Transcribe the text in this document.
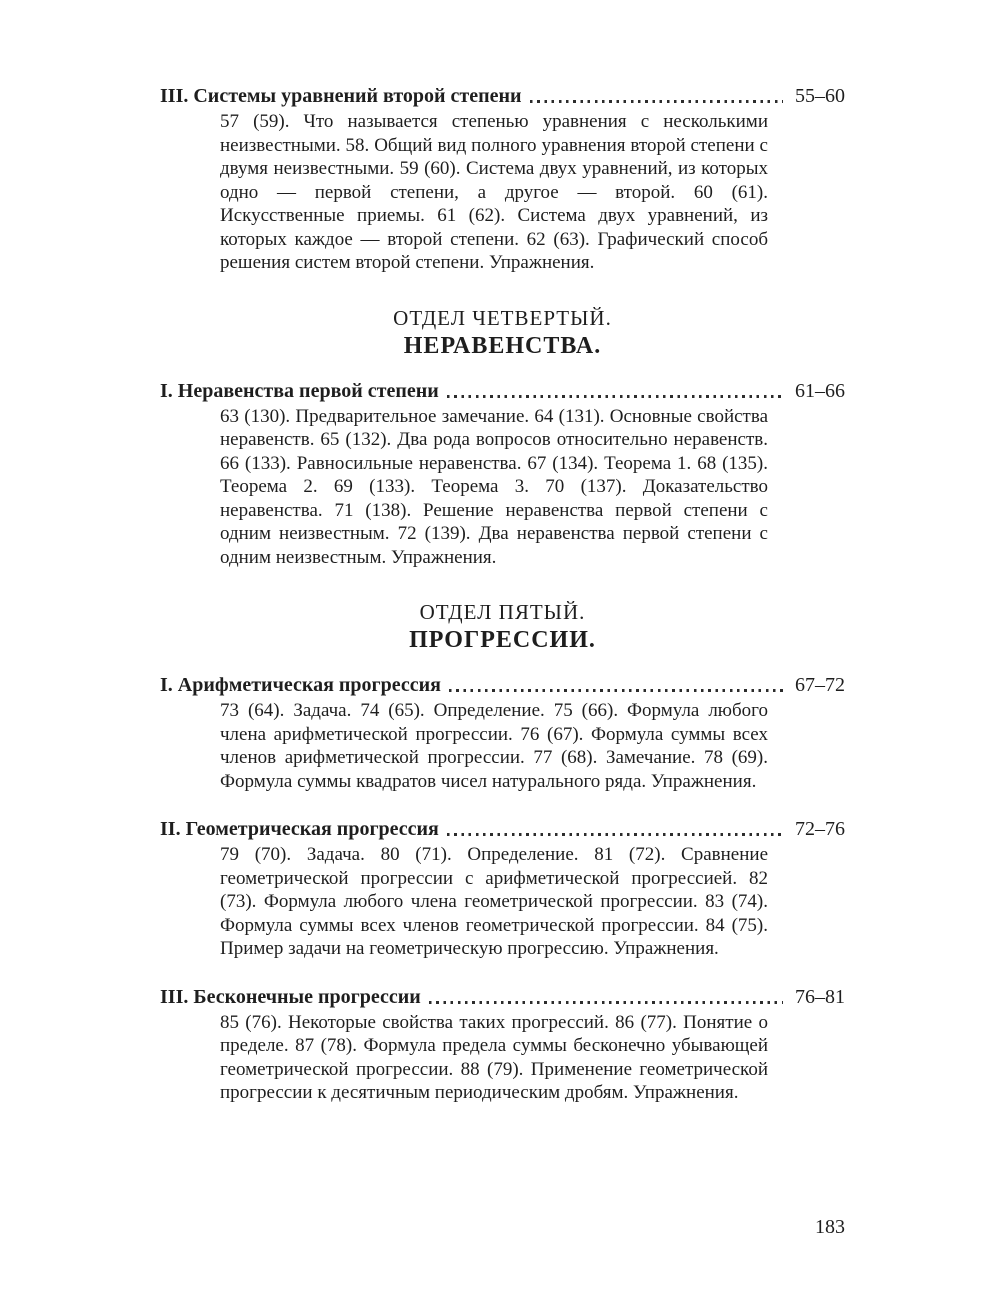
III. Системы уравнений второй степени	55–60
57 (59). Что называется степенью уравнения с несколькими неизвестными. 58. Общий вид полного уравнения второй степени с двумя неизвестными. 59 (60). Система двух уравнений, из которых одно — первой степени, а другое — второй. 60 (61). Искусственные приемы. 61 (62). Система двух уравнений, из которых каждое — второй степени. 62 (63). Графический способ решения систем второй степени. Упражнения.
ОТДЕЛ ЧЕТВЕРТЫЙ.
НЕРАВЕНСТВА.
I. Неравенства первой степени	61–66
63 (130). Предварительное замечание. 64 (131). Основные свойства неравенств. 65 (132). Два рода вопросов относительно неравенств. 66 (133). Равносильные неравенства. 67 (134). Теорема 1. 68 (135). Теорема 2. 69 (133). Теорема 3. 70 (137). Доказательство неравенства. 71 (138). Решение неравенства первой степени с одним неизвестным. 72 (139). Два неравенства первой степени с одним неизвестным. Упражнения.
ОТДЕЛ ПЯТЫЙ.
ПРОГРЕССИИ.
I. Арифметическая прогрессия	67–72
73 (64). Задача. 74 (65). Определение. 75 (66). Формула любого члена арифметической прогрессии. 76 (67). Формула суммы всех членов арифметической прогрессии. 77 (68). Замечание. 78 (69). Формула суммы квадратов чисел натурального ряда. Упражнения.
II. Геометрическая прогрессия	72–76
79 (70). Задача. 80 (71). Определение. 81 (72). Сравнение геометрической прогрессии с арифметической прогрессией. 82 (73). Формула любого члена геометрической прогрессии. 83 (74). Формула суммы всех членов геометрической прогрессии. 84 (75). Пример задачи на геометрическую прогрессию. Упражнения.
III. Бесконечные прогрессии	76–81
85 (76). Некоторые свойства таких прогрессий. 86 (77). Понятие о пределе. 87 (78). Формула предела суммы бесконечно убывающей геометрической прогрессии. 88 (79). Применение геометрической прогрессии к десятичным периодическим дробям. Упражнения.
183
